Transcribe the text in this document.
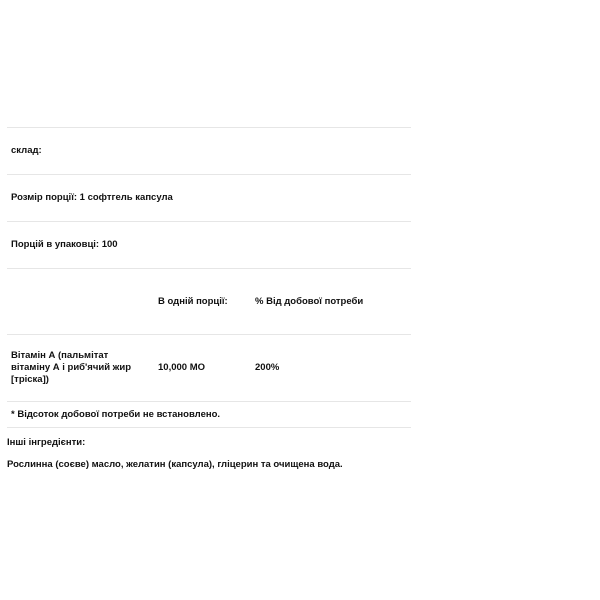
склад:		
Розмір порції: 1 софтгель капсула		
Порцій в упаковці: 100		
	В одній порції:	% Від добової потреби
Вітамін А (пальмітат вітаміну А і риб'ячий жир [тріска])	10,000 МО	200%
* Відсоток добової потреби не встановлено.		
Інші інгредієнти:
Рослинна (соєве) масло, желатин (капсула), гліцерин та очищена вода.
